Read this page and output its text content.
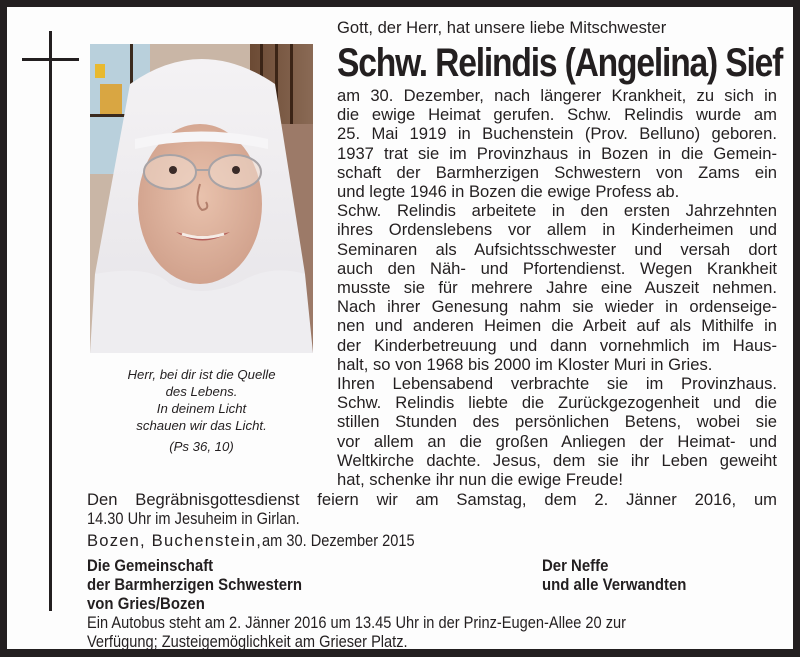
Herr, bei dir ist die Quelle
des Lebens.
In deinem Licht
schauen wir das Licht.
(Ps 36, 10)
Gott, der Herr, hat unsere liebe Mitschwester
Schw. Relindis (Angelina) Sief
am 30. Dezember, nach längerer Krankheit, zu sich in
die ewige Heimat gerufen. Schw. Relindis wurde am
25. Mai 1919 in Buchenstein (Prov. Belluno) geboren.
1937 trat sie im Provinzhaus in Bozen in die Gemein-
schaft der Barmherzigen Schwestern von Zams ein
und legte 1946 in Bozen die ewige Profess ab.
Schw. Relindis arbeitete in den ersten Jahrzehnten
ihres Ordenslebens vor allem in Kinderheimen und
Seminaren als Aufsichtsschwester und versah dort
auch den Näh- und Pfortendienst. Wegen Krankheit
musste sie für mehrere Jahre eine Auszeit nehmen.
Nach ihrer Genesung nahm sie wieder in ordenseige-
nen und anderen Heimen die Arbeit auf als Mithilfe in
der Kinderbetreuung und dann vornehmlich im Haus-
halt, so von 1968 bis 2000 im Kloster Muri in Gries.
Ihren Lebensabend verbrachte sie im Provinzhaus.
Schw. Relindis liebte die Zurückgezogenheit und die
stillen Stunden des persönlichen Betens, wobei sie
vor allem an die großen Anliegen der Heimat- und
Weltkirche dachte. Jesus, dem sie ihr Leben geweiht
hat, schenke ihr nun die ewige Freude!
Den Begräbnisgottesdienst feiern wir am Samstag, dem 2. Jänner 2016, um
14.30 Uhr im Jesuheim in Girlan.
Bozen, Buchenstein,am 30. Dezember 2015
Die Gemeinschaft
der Barmherzigen Schwestern
von Gries/Bozen
Der Neffe
und alle Verwandten
Ein Autobus steht am 2. Jänner 2016 um 13.45 Uhr in der Prinz-Eugen-Allee 20 zur
Verfügung; Zusteigemöglichkeit am Grieser Platz.
